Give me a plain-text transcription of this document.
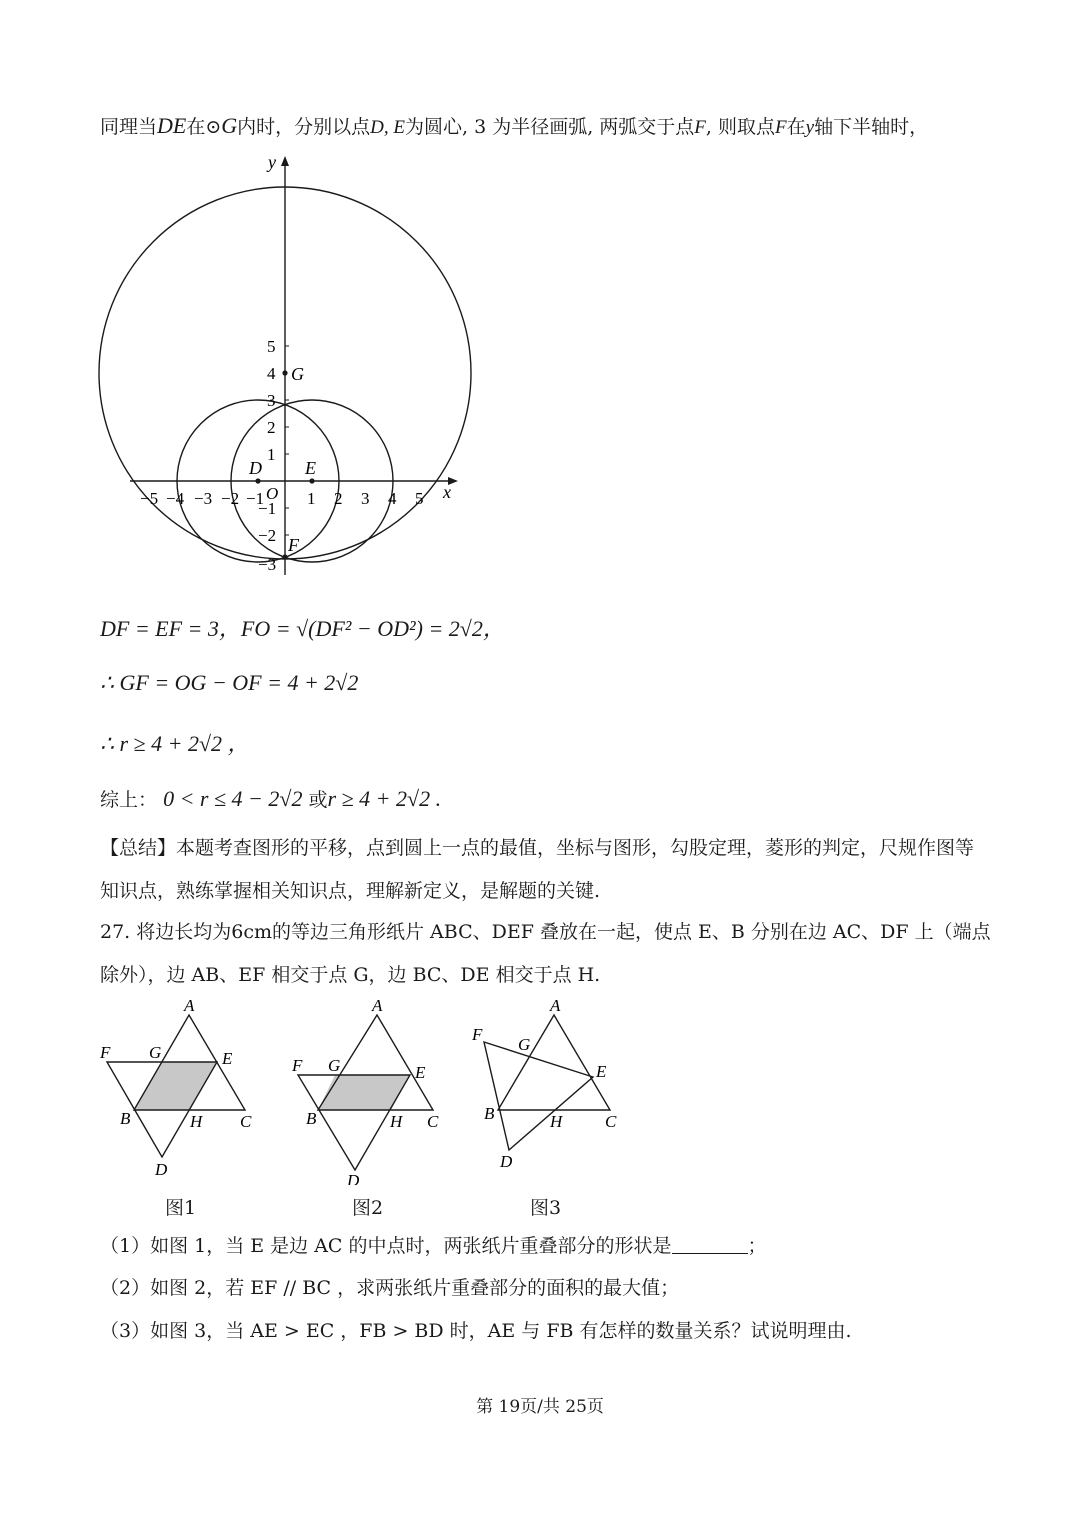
同理当DE在⊙G内时，分别以点D, E为圆心, 3 为半径画弧, 两弧交于点F, 则取点F在y轴下半轴时，
y
x
O
−5 −4 −3 −2 −1	1 2 3 4 5
5
4
3
2
1
−1
−2
−3
G
D E
F
DF = EF = 3，FO = √(DF² − OD²) = 2√2，
∴ GF = OG − OF = 4 + 2√2
∴ r ≥ 4 + 2√2 ，
综上： 0 < r ≤ 4 − 2√2 或r ≥ 4 + 2√2 .
【总结】本题考查图形的平移，点到圆上一点的最值，坐标与图形，勾股定理，菱形的判定，尺规作图等
知识点，熟练掌握相关知识点，理解新定义，是解题的关键.
27. 将边长均为6cm的等边三角形纸片 ABC、DEF 叠放在一起，使点 E、B 分别在边 AC、DF 上（端点
除外），边 AB、EF 相交于点 G，边 BC、DE 相交于点 H.
A
F G	E
B	H C
D
A
F G	E
B	H C
D
A
F
G
E
B	H	C
D
图1	图2	图3
（1）如图 1，当 E 是边 AC 的中点时，两张纸片重叠部分的形状是	；
（2）如图 2，若 EF // BC ，求两张纸片重叠部分的面积的最大值；
（3）如图 3，当 AE > EC ，FB > BD 时，AE 与 FB 有怎样的数量关系？试说明理由.
第 19页/共 25页
